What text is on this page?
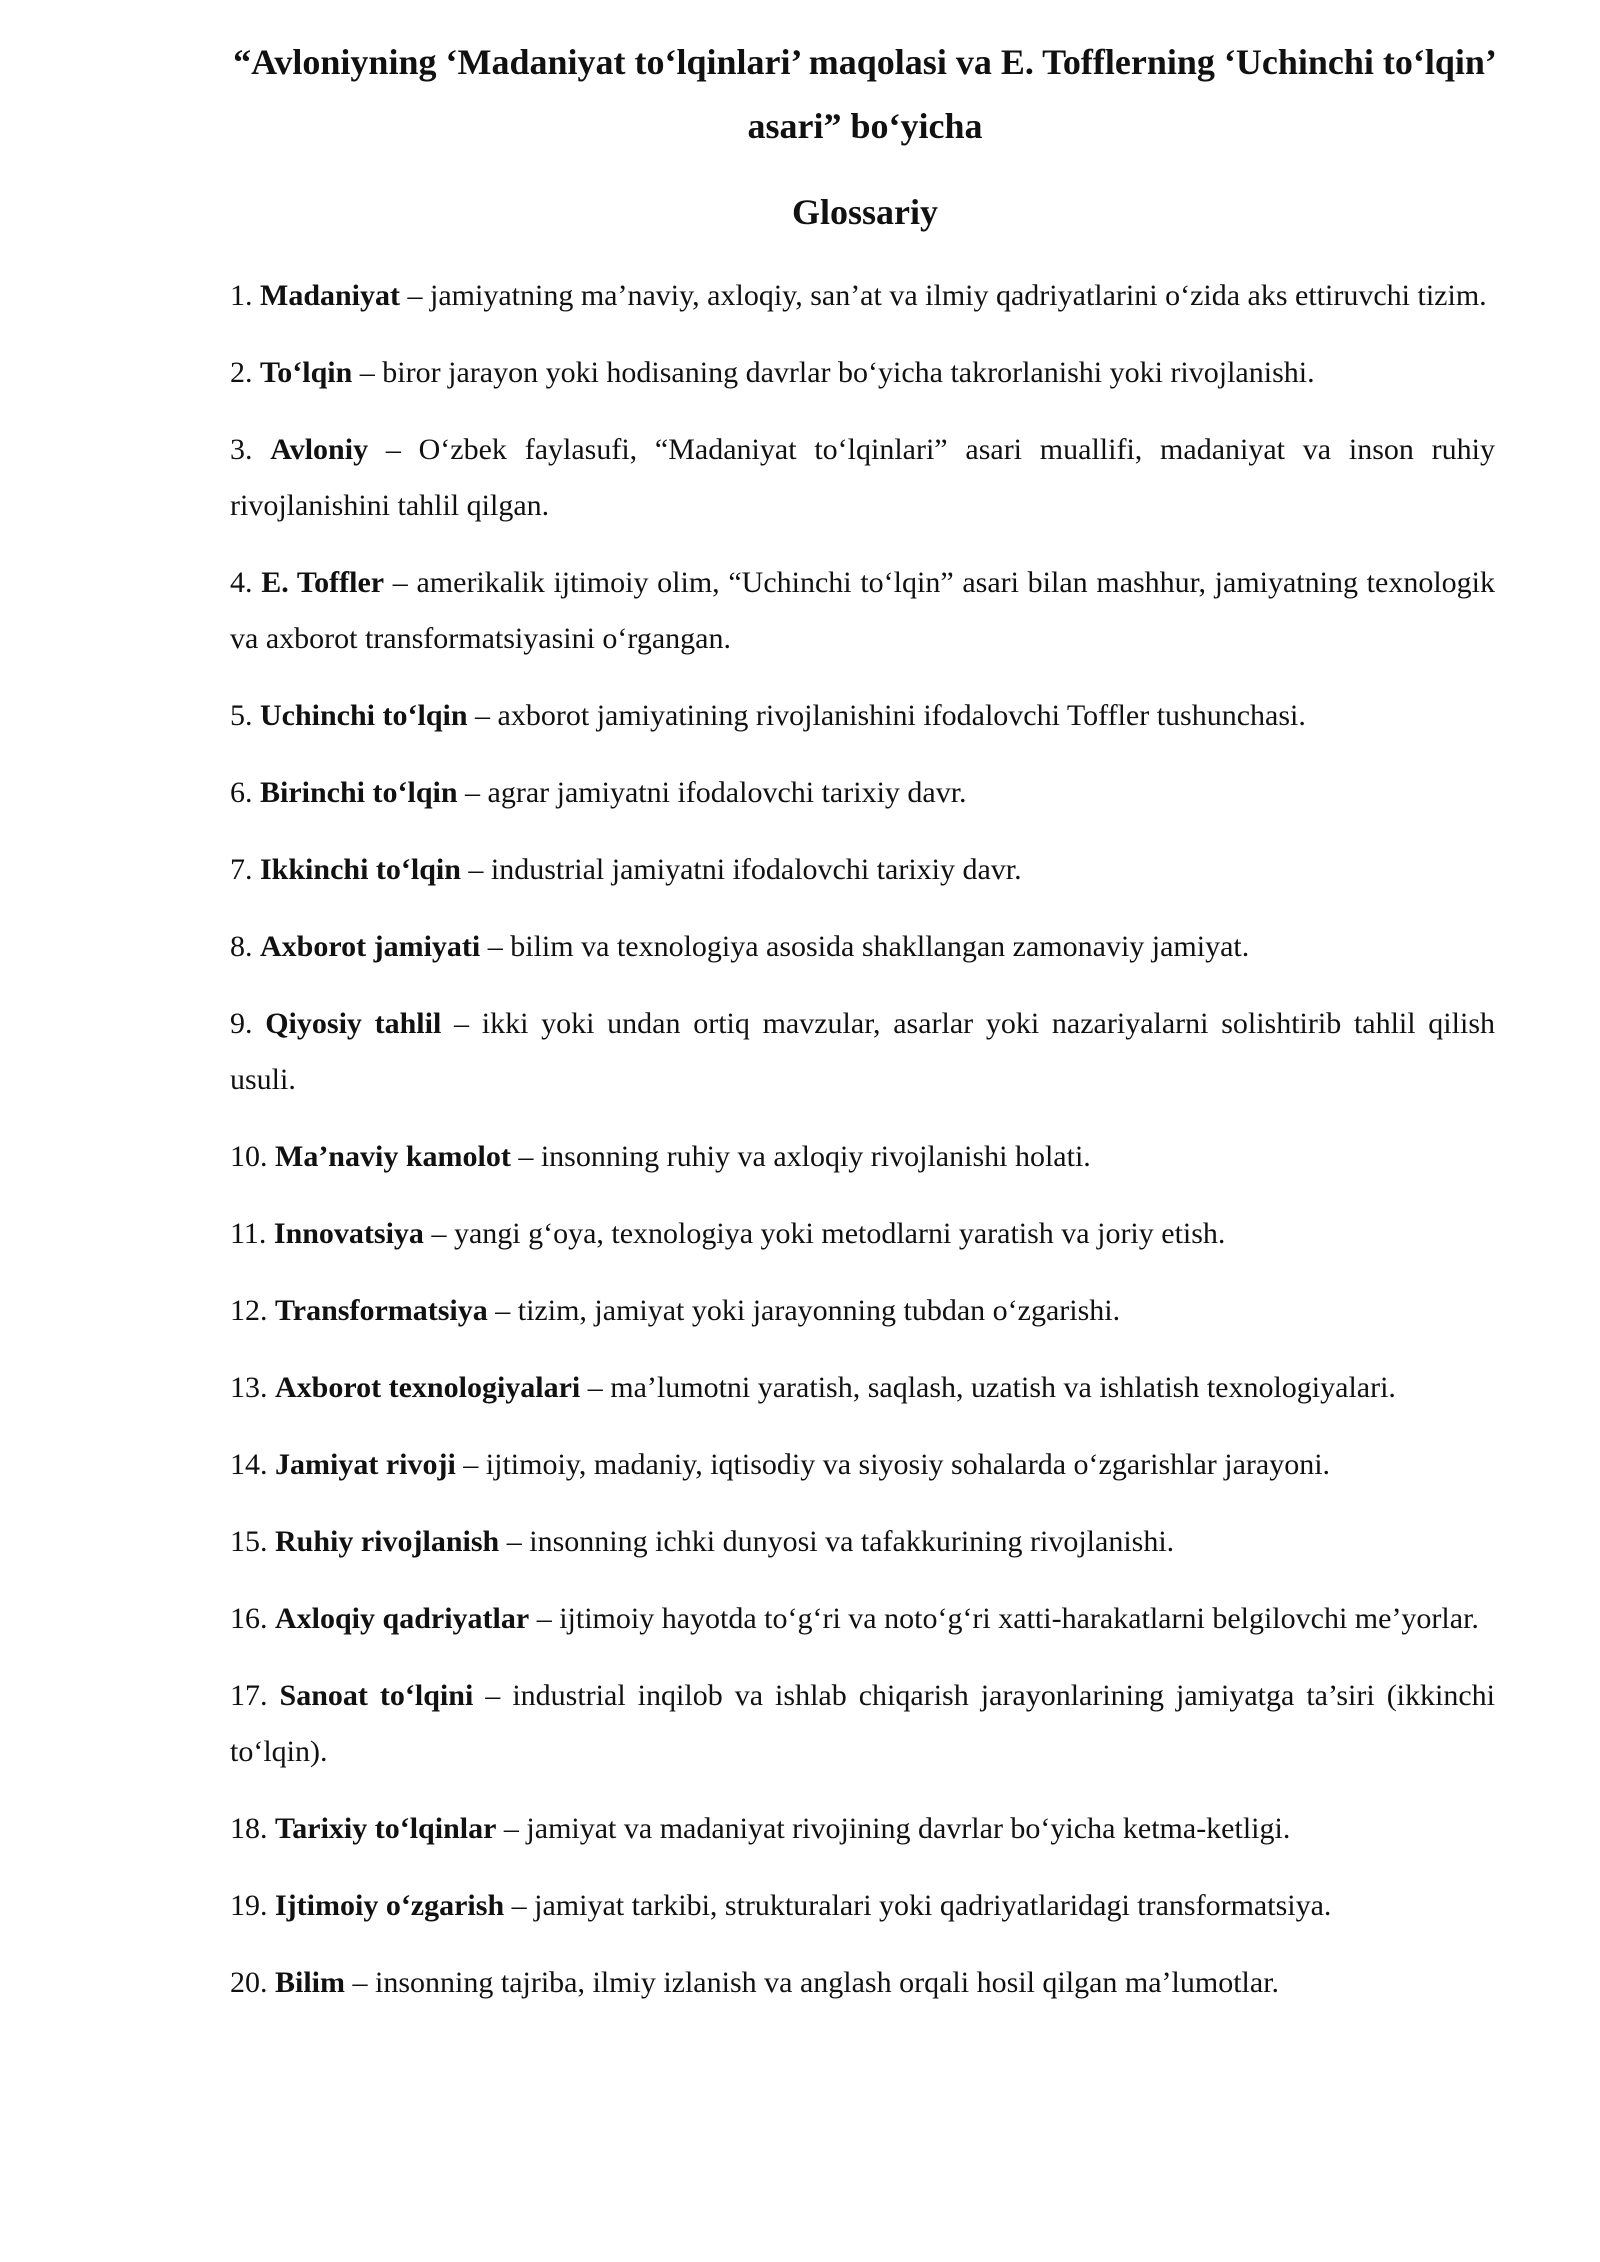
“Avloniyning ‘Madaniyat to‘lqinlari’ maqolasi va E. Tofflerning ‘Uchinchi to‘lqin’ asari” bo‘yicha
Glossariy
1. Madaniyat – jamiyatning ma’naviy, axloqiy, san’at va ilmiy qadriyatlarini o‘zida aks ettiruvchi tizim.
2. To‘lqin – biror jarayon yoki hodisaning davrlar bo‘yicha takrorlanishi yoki rivojlanishi.
3. Avloniy – O‘zbek faylasufi, “Madaniyat to‘lqinlari” asari muallifi, madaniyat va inson ruhiy rivojlanishini tahlil qilgan.
4. E. Toffler – amerikalik ijtimoiy olim, “Uchinchi to‘lqin” asari bilan mashhur, jamiyatning texnologik va axborot transformatsiyasini o‘rgangan.
5. Uchinchi to‘lqin – axborot jamiyatining rivojlanishini ifodalovchi Toffler tushunchasi.
6. Birinchi to‘lqin – agrar jamiyatni ifodalovchi tarixiy davr.
7. Ikkinchi to‘lqin – industrial jamiyatni ifodalovchi tarixiy davr.
8. Axborot jamiyati – bilim va texnologiya asosida shakllangan zamonaviy jamiyat.
9. Qiyosiy tahlil – ikki yoki undan ortiq mavzular, asarlar yoki nazariyalarni solishtirib tahlil qilish usuli.
10. Ma’naviy kamolot – insonning ruhiy va axloqiy rivojlanishi holati.
11. Innovatsiya – yangi g‘oya, texnologiya yoki metodlarni yaratish va joriy etish.
12. Transformatsiya – tizim, jamiyat yoki jarayonning tubdan o‘zgarishi.
13. Axborot texnologiyalari – ma’lumotni yaratish, saqlash, uzatish va ishlatish texnologiyalari.
14. Jamiyat rivoji – ijtimoiy, madaniy, iqtisodiy va siyosiy sohalarda o‘zgarishlar jarayoni.
15. Ruhiy rivojlanish – insonning ichki dunyosi va tafakkurining rivojlanishi.
16. Axloqiy qadriyatlar – ijtimoiy hayotda to‘g‘ri va noto‘g‘ri xatti-harakatlarni belgilovchi me’yorlar.
17. Sanoat to‘lqini – industrial inqilob va ishlab chiqarish jarayonlarining jamiyatga ta’siri (ikkinchi to‘lqin).
18. Tarixiy to‘lqinlar – jamiyat va madaniyat rivojining davrlar bo‘yicha ketma-ketligi.
19. Ijtimoiy o‘zgarish – jamiyat tarkibi, strukturalari yoki qadriyatlaridagi transformatsiya.
20. Bilim – insonning tajriba, ilmiy izlanish va anglash orqali hosil qilgan ma’lumotlar.
